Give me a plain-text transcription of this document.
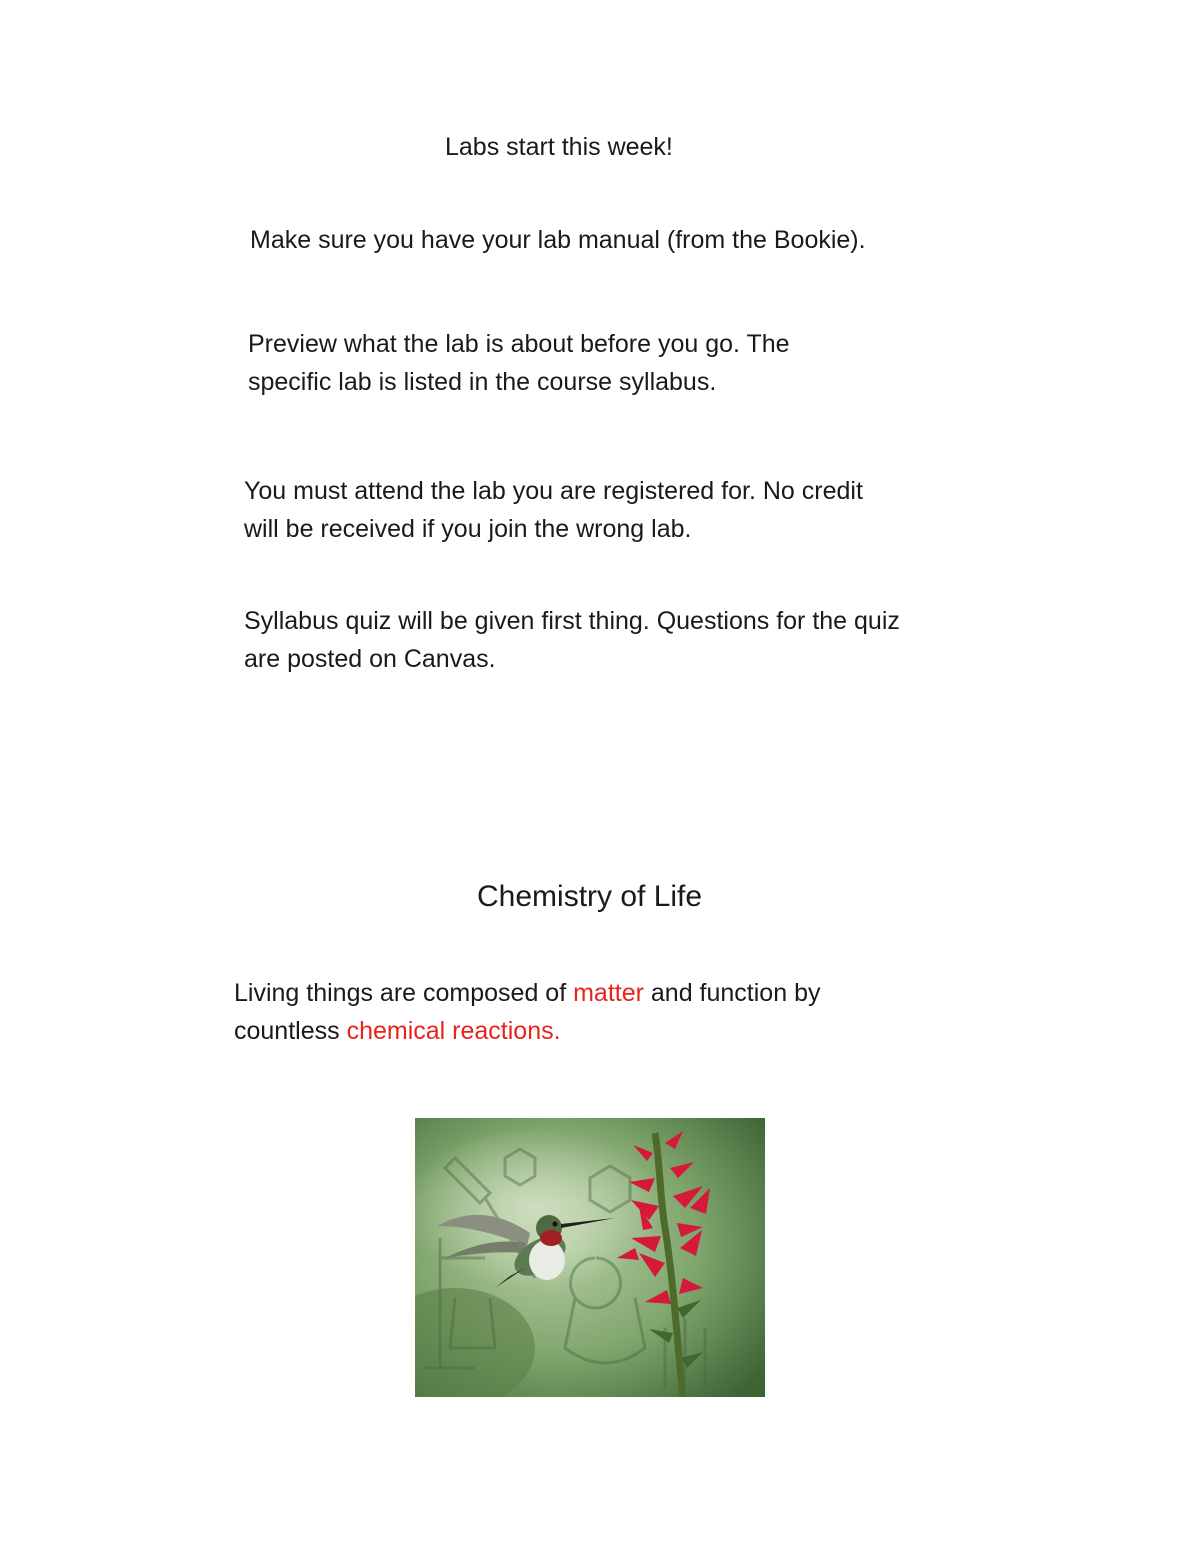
Labs start this week!
Make sure you have your lab manual (from the Bookie).
Preview what the lab is about before you go. The
specific lab is listed in the course syllabus.
You must attend the lab you are registered for. No credit
will be received if you join the wrong lab.
Syllabus quiz will be given first thing. Questions for the quiz
are posted on Canvas.
Chemistry of Life
Living things are composed of matter and function by
countless chemical reactions.
